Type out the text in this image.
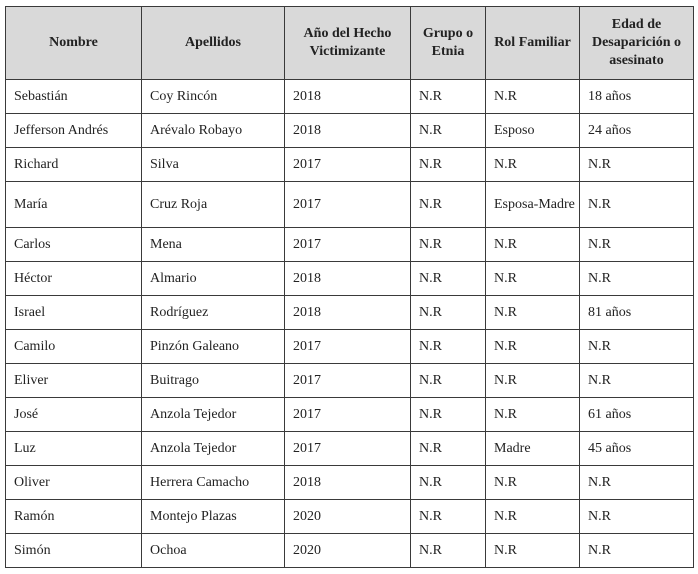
Nombre	Apellidos	Año del Hecho Victimizante	Grupo o Etnia	Rol Familiar	Edad de Desaparición o asesinato
Sebastián	Coy Rincón	2018	N.R	N.R	18 años
Jefferson Andrés	Arévalo Robayo	2018	N.R	Esposo	24 años
Richard	Silva	2017	N.R	N.R	N.R
María	Cruz Roja	2017	N.R	Esposa-Madre	N.R
Carlos	Mena	2017	N.R	N.R	N.R
Héctor	Almario	2018	N.R	N.R	N.R
Israel	Rodríguez	2018	N.R	N.R	81 años
Camilo	Pinzón Galeano	2017	N.R	N.R	N.R
Eliver	Buitrago	2017	N.R	N.R	N.R
José	Anzola Tejedor	2017	N.R	N.R	61 años
Luz	Anzola Tejedor	2017	N.R	Madre	45 años
Oliver	Herrera Camacho	2018	N.R	N.R	N.R
Ramón	Montejo Plazas	2020	N.R	N.R	N.R
Simón	Ochoa	2020	N.R	N.R	N.R
